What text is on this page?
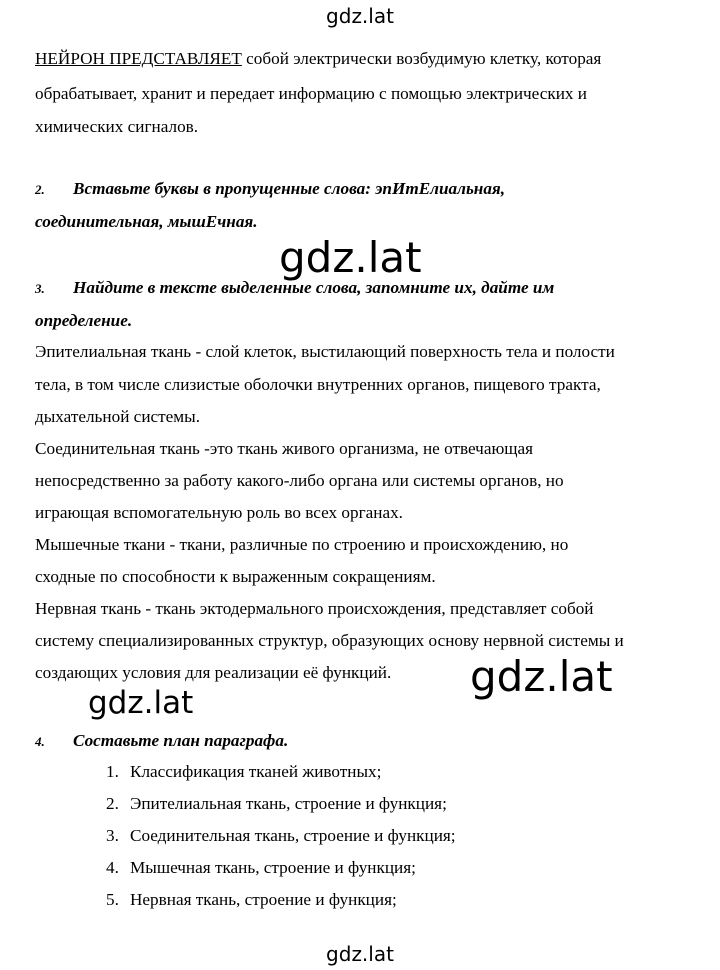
gdz.lat
НЕЙРОН ПРЕДСТАВЛЯЕТ собой электрически возбудимую клетку, которая
обрабатывает, хранит и передает информацию с помощью электрических и
химических сигналов.
2. Вставьте буквы в пропущенные слова: эпИтЕлиальная,
соединительная, мышЕчная.
gdz.lat
3. Найдите в тексте выделенные слова, запомните их, дайте им
определение.
Эпителиальная ткань - слой клеток, выстилающий поверхность тела и полости
тела, в том числе слизистые оболочки внутренних органов, пищевого тракта,
дыхательной системы.
Соединительная ткань -это ткань живого организма, не отвечающая
непосредственно за работу какого-либо органа или системы органов, но
играющая вспомогательную роль во всех органах.
Мышечные ткани - ткани, различные по строению и происхождению, но
сходные по способности к выраженным сокращениям.
Нервная ткань - ткань эктодермального происхождения, представляет собой
систему специализированных структур, образующих основу нервной системы и
создающих условия для реализации её функций. gdz.lat
gdz.lat
4. Составьте план параграфа.
1. Классификация тканей животных;
2. Эпителиальная ткань, строение и функция;
3. Соединительная ткань, строение и функция;
4. Мышечная ткань, строение и функция;
5. Нервная ткань, строение и функция;
gdz.lat
